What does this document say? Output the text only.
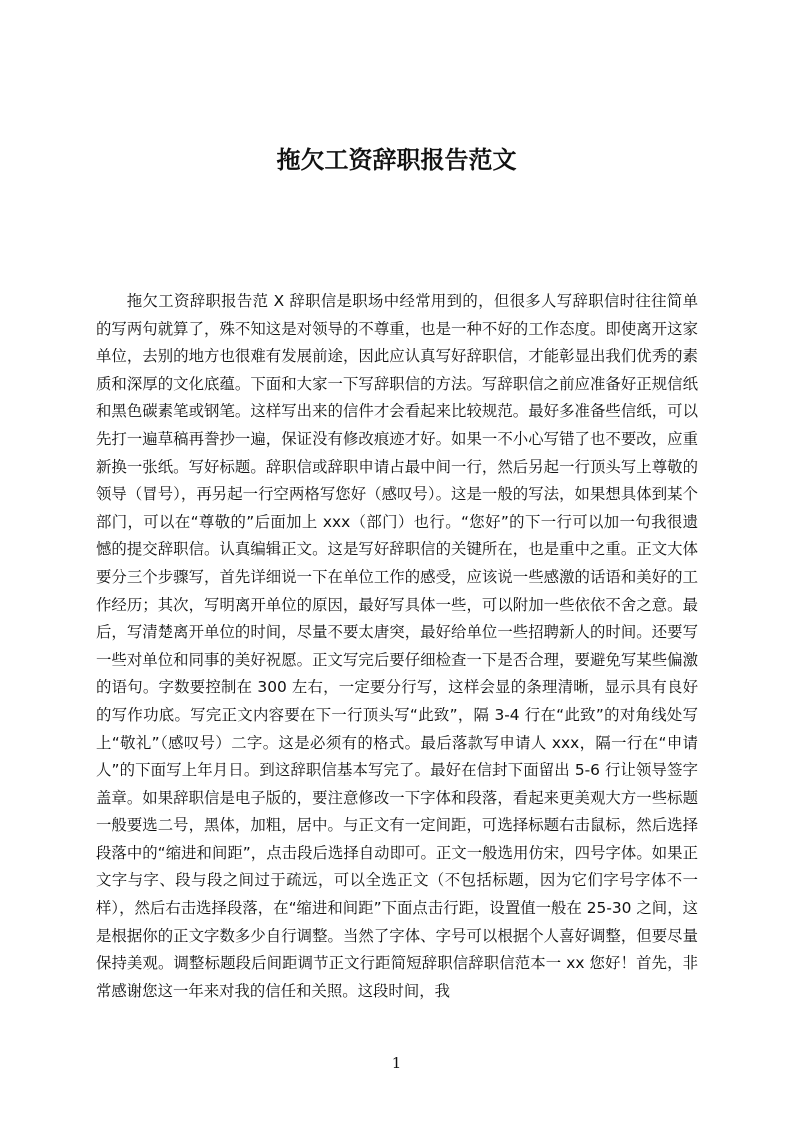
拖欠工资辞职报告范文

拖欠工资辞职报告范 X 辞职信是职场中经常用到的，但很多人写辞职信时往往简单的写两句就算了，殊不知这是对领导的不尊重，也是一种不好的工作态度。即使离开这家单位，去别的地方也很难有发展前途，因此应认真写好辞职信，才能彰显出我们优秀的素质和深厚的文化底蕴。下面和大家一下写辞职信的方法。写辞职信之前应准备好正规信纸和黑色碳素笔或钢笔。这样写出来的信件才会看起来比较规范。最好多准备些信纸，可以先打一遍草稿再誊抄一遍，保证没有修改痕迹才好。如果一不小心写错了也不要改，应重新换一张纸。写好标题。辞职信或辞职申请占最中间一行，然后另起一行顶头写上尊敬的领导（冒号），再另起一行空两格写您好（感叹号）。这是一般的写法，如果想具体到某个部门，可以在“尊敬的”后面加上 xxx（部门）也行。“您好”的下一行可以加一句我很遗憾的提交辞职信。认真编辑正文。这是写好辞职信的关键所在，也是重中之重。正文大体要分三个步骤写，首先详细说一下在单位工作的感受，应该说一些感激的话语和美好的工作经历；其次，写明离开单位的原因，最好写具体一些，可以附加一些依依不舍之意。最后，写清楚离开单位的时间，尽量不要太唐突，最好给单位一些招聘新人的时间。还要写一些对单位和同事的美好祝愿。正文写完后要仔细检查一下是否合理，要避免写某些偏激的语句。字数要控制在 300 左右，一定要分行写，这样会显的条理清晰，显示具有良好的写作功底。写完正文内容要在下一行顶头写“此致”，隔 3-4 行在“此致”的对角线处写上“敬礼”（感叹号）二字。这是必须有的格式。最后落款写申请人 xxx，隔一行在“申请人”的下面写上年月日。到这辞职信基本写完了。最好在信封下面留出 5-6 行让领导签字盖章。如果辞职信是电子版的，要注意修改一下字体和段落，看起来更美观大方一些标题一般要选二号，黑体，加粗，居中。与正文有一定间距，可选择标题右击鼠标，然后选择段落中的“缩进和间距”，点击段后选择自动即可。正文一般选用仿宋，四号字体。如果正文字与字、段与段之间过于疏远，可以全选正文（不包括标题，因为它们字号字体不一样），然后右击选择段落，在“缩进和间距”下面点击行距，设置值一般在 25-30 之间，这是根据你的正文字数多少自行调整。当然了字体、字号可以根据个人喜好调整，但要尽量保持美观。调整标题段后间距调节正文行距简短辞职信辞职信范本一 xx 您好！首先，非常感谢您这一年来对我的信任和关照。这段时间，我

1
